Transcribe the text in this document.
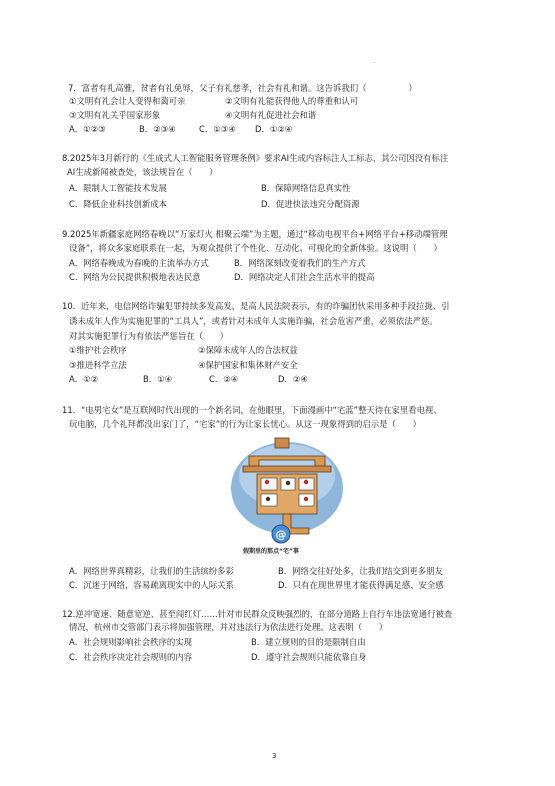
·
7．富者有礼高雅，贫者有礼免辱，父子有礼慈孝，社会有礼和谐。这告诉我们（　　　　　）
①文明有礼会让人变得和蔼可亲	②文明有礼能获得他人的尊重和认可
③文明有礼关乎国家形象	④文明有礼促进社会和谐
A．①②③	B．②③④	C．①③④ D．①②④
8.2025年3月新行的《生成式人工智能服务管理条例》要求AI生成内容标注人工标志，其公司因没有标注
AI生成新闻被查处，该法规旨在（　　）
A．限制人工智能技术发展	B．保障网络信息真实性
C．降低企业科技创新成本	D．促进快法违究分配资源
9.2025年新疆家庭网络春晚以“万家灯火 相聚云端”为主题，通过“移动电视平台+网络平台+移动端管理
设备”，将众多家庭联系在一起，为观众提供了个性化、互动化、可视化的全新体验。这说明（　　）
A．网络春晚成为春晚的主流举办方式	B．网络深刻改变着我们的生产方式
C．网络为公民提供积极地表达民意	D．网络决定人们社会生活水平的提高
10．近年来，电信网络诈骗犯罪持续多发高发，是高人民法院表示，有的诈骗团伙采用多种手段拉拢、引
诱未成年人作为实施犯罪的“工具人”，或者针对未成年人实施诈骗，社会危害严重，必须依法严惩。
对其实施犯罪行为有依法严惩旨在（　　）
①维护社会秩序	②保障未成年人的合法权益
③推进科学立法	④保护国家和集体财产安全
A．①②	B．①④	C．②④	D．②④
11．“电男宅女”是互联网时代出现的一个新名词，在他眼里，下面漫画中“宅蓝”整天待在家里看电视、
玩电脑，几个礼拜都没出家门了，“宅家”的行为让家长忧心。从这一现象得到的启示是（　　）
@
假期里的那点“宅”事
A．网络世界真精彩，让我们的生活缤纷多彩	B．网络交往好处多，让我们结交到更多朋友
C．沉迷于网络，容易疏离现实中的人际关系	D．只有在现世界里才能获得满足感、安全感
12.逆冲宽速、随意宽逆、甚至闯红灯……针对市民群众反映强烈的，在部分道路上自行车违法宽通行被查
情况，杭州市交管部门表示将加强管理，并对违法行为依法进行处理。这表明（　　）
A．社会规则影响社会秩序的实现	B．建立规则的目的是限制自由
C．社会秩序决定社会规则的内容	D．遵守社会规则只能依靠自身
3
